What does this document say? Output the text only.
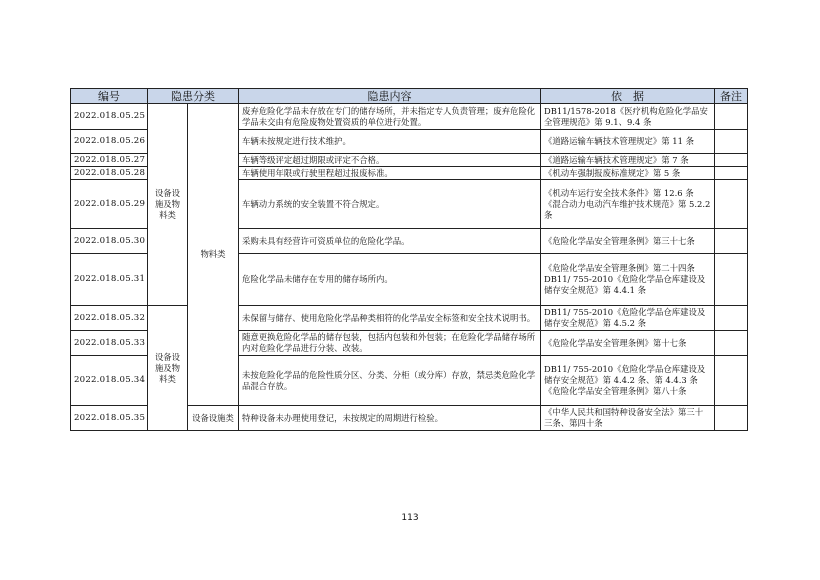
编号	隐患分类		隐患内容	依　据	备注
2022.018.05.25	设备设施及物料类	物料类	废弃危险化学品未存放在专门的储存场所，并未指定专人负责管理；废弃危险化学品未交由有危险废物处置资质的单位进行处置。	DB11/1578-2018《医疗机构危险化学品安全管理规范》第 9.1、9.4 条	
2022.018.05.26			车辆未按规定进行技术维护。	《道路运输车辆技术管理规定》第 11 条	
2022.018.05.27			车辆等级评定超过期限或评定不合格。	《道路运输车辆技术管理规定》第 7 条	
2022.018.05.28			车辆使用年限或行驶里程超过报废标准。	《机动车强制报废标准规定》第 5 条	
2022.018.05.29			车辆动力系统的安全装置不符合规定。	《机动车运行安全技术条件》第 12.6 条　《混合动力电动汽车维护技术规范》第 5.2.2 条	
2022.018.05.30			采购未具有经营许可资质单位的危险化学品。	《危险化学品安全管理条例》第三十七条	
2022.018.05.31			危险化学品未储存在专用的储存场所内。	《危险化学品安全管理条例》第二十四条　DB11/ 755-2010《危险化学品仓库建设及储存安全规范》第 4.4.1 条	
2022.018.05.32	设备设施及物料类		未保留与储存、使用危险化学品种类相符的化学品安全标签和安全技术说明书。	DB11/ 755-2010《危险化学品仓库建设及储存安全规范》第 4.5.2 条	
2022.018.05.33			随意更换危险化学品的储存包装，包括内包装和外包装；在危险化学品储存场所内对危险化学品进行分装、改装。	《危险化学品安全管理条例》第十七条	
2022.018.05.34			未按危险化学品的危险性质分区、分类、分柜（或分库）存放，禁忌类危险化学品混合存放。	DB11/ 755-2010《危险化学品仓库建设及储存安全规范》第 4.4.2 条、第 4.4.3 条　《危险化学品安全管理条例》第八十条	
2022.018.05.35		设备设施类	特种设备未办理使用登记，未按规定的周期进行检验。	《中华人民共和国特种设备安全法》第三十三条、第四十条	
113
